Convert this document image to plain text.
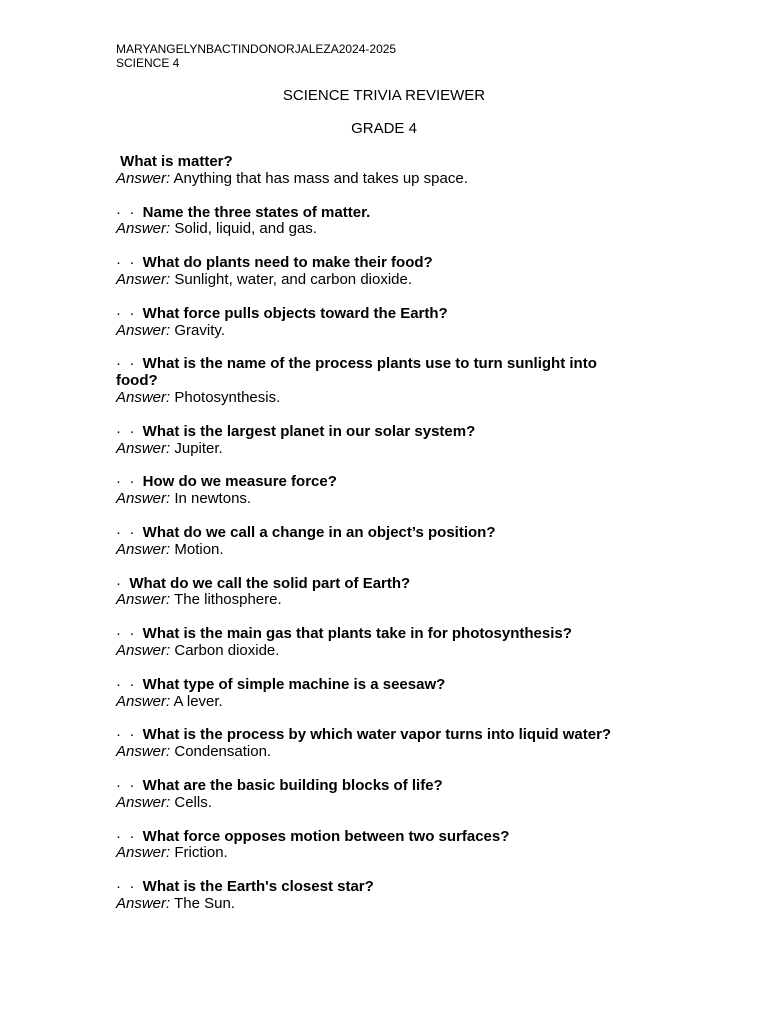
MARYANGELYNBACTINDONORJALEZA2024-2025
SCIENCE 4
SCIENCE TRIVIA REVIEWER
GRADE 4
What is matter?
Answer: Anything that has mass and takes up space.
·  ·  Name the three states of matter.
Answer: Solid, liquid, and gas.
·  ·  What do plants need to make their food?
Answer: Sunlight, water, and carbon dioxide.
·  ·  What force pulls objects toward the Earth?
Answer: Gravity.
·  ·  What is the name of the process plants use to turn sunlight into food?
Answer: Photosynthesis.
·  ·  What is the largest planet in our solar system?
Answer: Jupiter.
·  ·  How do we measure force?
Answer: In newtons.
·  ·  What do we call a change in an object’s position?
Answer: Motion.
·  What do we call the solid part of Earth?
Answer: The lithosphere.
·  ·  What is the main gas that plants take in for photosynthesis?
Answer: Carbon dioxide.
·  ·  What type of simple machine is a seesaw?
Answer: A lever.
·  ·  What is the process by which water vapor turns into liquid water?
Answer: Condensation.
·  ·  What are the basic building blocks of life?
Answer: Cells.
·  ·  What force opposes motion between two surfaces?
Answer: Friction.
·  ·  What is the Earth's closest star?
Answer: The Sun.
